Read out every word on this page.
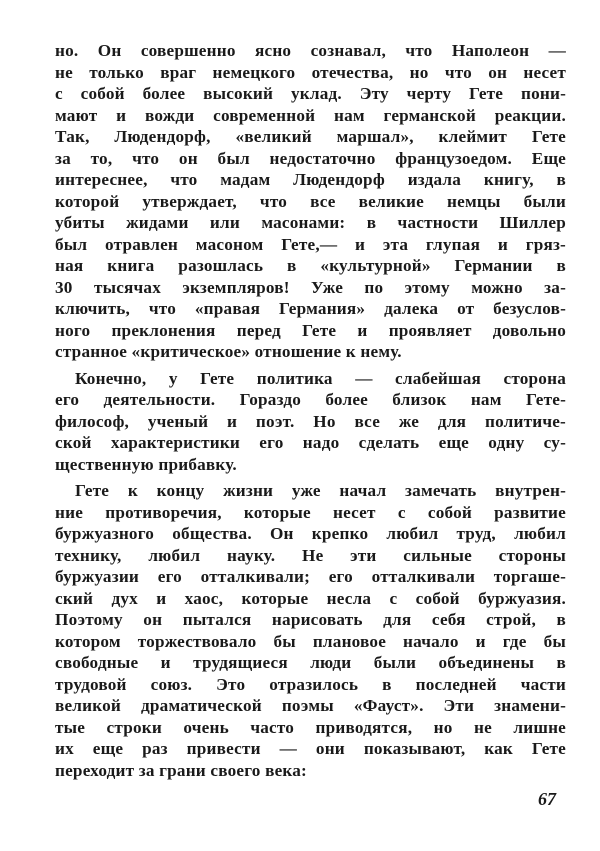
но. Он совершенно ясно сознавал, что Наполеон —
не только враг немецкого отечества, но что он несет
с собой более высокий уклад. Эту черту Гете пони-
мают и вожди современной нам германской реакции.
Так, Людендорф, «великий маршал», клеймит Гете
за то, что он был недостаточно французоедом. Еще
интереснее, что мадам Людендорф издала книгу, в
которой утверждает, что все великие немцы были
убиты жидами или масонами: в частности Шиллер
был отравлен масоном Гете,— и эта глупая и гряз-
ная книга разошлась в «культурной» Германии в
30 тысячах экземпляров! Уже по этому можно за-
ключить, что «правая Германия» далека от безуслов-
ного преклонения перед Гете и проявляет довольно
странное «критическое» отношение к нему.
Конечно, у Гете политика — слабейшая сторона
его деятельности. Гораздо более близок нам Гете-
философ, ученый и поэт. Но все же для политиче-
ской характеристики его надо сделать еще одну су-
щественную прибавку.
Гете к концу жизни уже начал замечать внутрен-
ние противоречия, которые несет с собой развитие
буржуазного общества. Он крепко любил труд, любил
технику, любил науку. Не эти сильные стороны
буржуазии его отталкивали; его отталкивали торгаше-
ский дух и хаос, которые несла с собой буржуазия.
Поэтому он пытался нарисовать для себя строй, в
котором торжествовало бы плановое начало и где бы
свободные и трудящиеся люди были объединены в
трудовой союз. Это отразилось в последней части
великой драматической поэмы «Фауст». Эти знамени-
тые строки очень часто приводятся, но не лишне
их еще раз привести — они показывают, как Гете
переходит за грани своего века:
67
